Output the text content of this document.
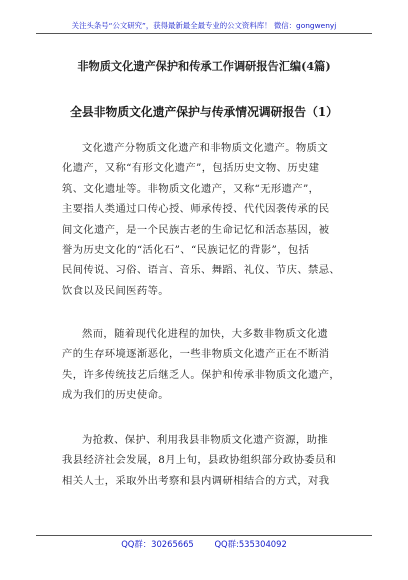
关注头条号“公文研究”，获得最新最全最专业的公文资料库！ 微信：gongwenyj
非物质文化遗产保护和传承工作调研报告汇编(4篇)
全县非物质文化遗产保护与传承情况调研报告（1）
文化遗产分物质文化遗产和非物质文化遗产。物质文
化遗产，又称“有形文化遗产”，包括历史文物、历史建
筑、文化遗址等。非物质文化遗产，又称“无形遗产”，
主要指人类通过口传心授、师承传授、代代因袭传承的民
间文化遗产，是一个民族古老的生命记忆和活态基因，被
誉为历史文化的“活化石”、“民族记忆的背影”，包括
民间传说、习俗、语言、音乐、舞蹈、礼仪、节庆、禁忌、
饮食以及民间医药等。
然而，随着现代化进程的加快，大多数非物质文化遗
产的生存环境逐渐恶化，一些非物质文化遗产正在不断消
失，许多传统技艺后继乏人。保护和传承非物质文化遗产，
成为我们的历史使命。
为抢救、保护、利用我县非物质文化遗产资源，助推
我县经济社会发展，8月上旬，县政协组织部分政协委员和
相关人士，采取外出考察和县内调研相结合的方式，对我
QQ群：30265665 QQ群:535304092
